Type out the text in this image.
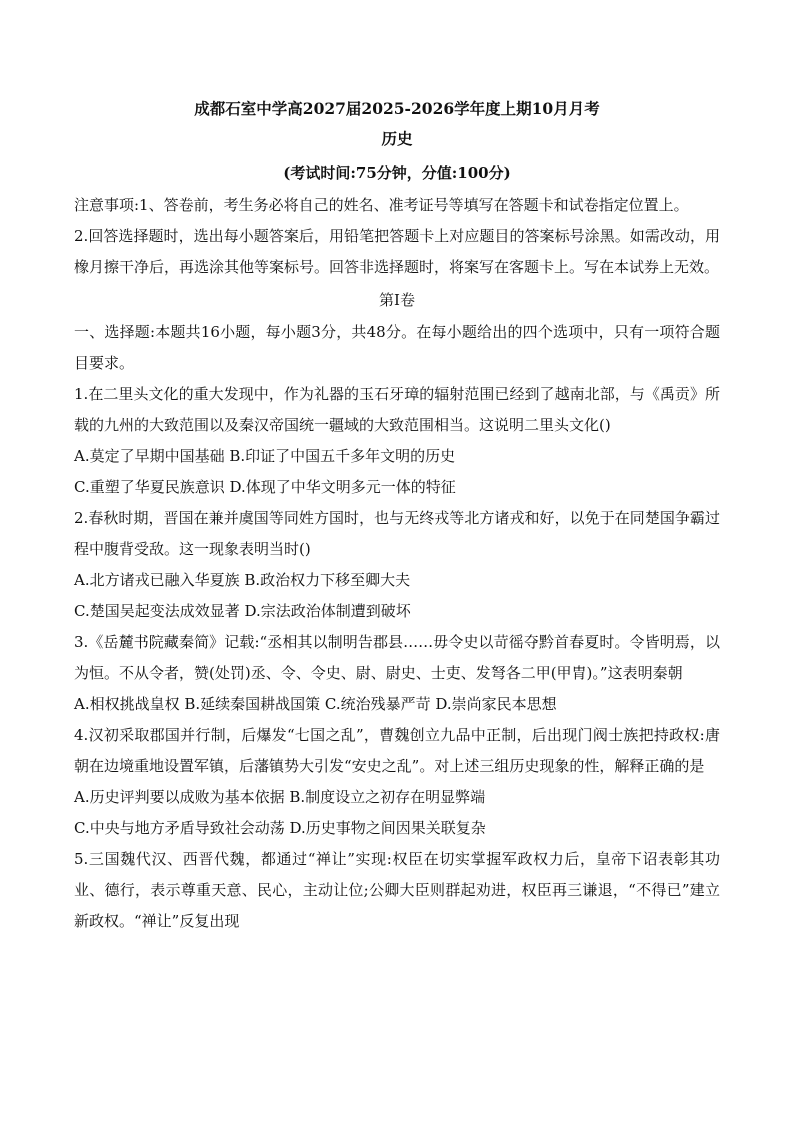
成都石室中学高2027届2025-2026学年度上期10月月考
历史
(考试时间:75分钟，分值:100分)

注意事项:1、答卷前，考生务必将自己的姓名、准考证号等填写在答题卡和试卷指定位置上。

2.回答选择题时，选出每小题答案后，用铅笔把答题卡上对应题目的答案标号涂黑。如需改动，用橡月擦干净后，再选涂其他等案标号。回答非选择题时，将案写在客题卡上。写在本试券上无效。

第I卷

一、选择题:本题共16小题，每小题3分，共48分。在每小题给出的四个选项中，只有一项符合题目要求。

1.在二里头文化的重大发现中，作为礼器的玉石牙璋的辐射范围已经到了越南北部，与《禹贡》所载的九州的大致范围以及秦汉帝国统一疆域的大致范围相当。这说明二里头文化()

A.莫定了早期中国基础 B.印证了中国五千多年文明的历史

C.重塑了华夏民族意识 D.体现了中华文明多元一体的特征

2.春秋时期，晋国在兼并虞国等同姓方国时，也与无终戎等北方诸戎和好，以免于在同楚国争霸过程中腹背受敌。这一现象表明当时()

A.北方诸戎已融入华夏族 B.政治权力下移至卿大夫

C.楚国吴起变法成效显著 D.宗法政治体制遭到破坏

3.《岳麓书院藏秦简》记载:“丞相其以制明告郡县……毋令史以苛徭夺黔首春夏时。令皆明焉，以为恒。不从令者，赞(处罚)丞、令、令史、尉、尉史、士吏、发弩各二甲(甲胄)。”这表明秦朝

A.相权挑战皇权 B.延续秦国耕战国策 C.统治残暴严苛 D.崇尚家民本思想

4.汉初采取郡国并行制，后爆发“七国之乱”，曹魏创立九品中正制，后出现门阀士族把持政权:唐朝在边境重地设置军镇，后藩镇势大引发“安史之乱”。对上述三组历史现象的性，解释正确的是

A.历史评判要以成败为基本依据 B.制度设立之初存在明显弊端

C.中央与地方矛盾导致社会动荡 D.历史事物之间因果关联复杂

5.三国魏代汉、西晋代魏，都通过“禅让”实现:权臣在切实掌握军政权力后，皇帝下诏表彰其功业、德行，表示尊重天意、民心，主动让位;公卿大臣则群起劝进，权臣再三谦退，“不得已”建立新政权。“禅让”反复出现
